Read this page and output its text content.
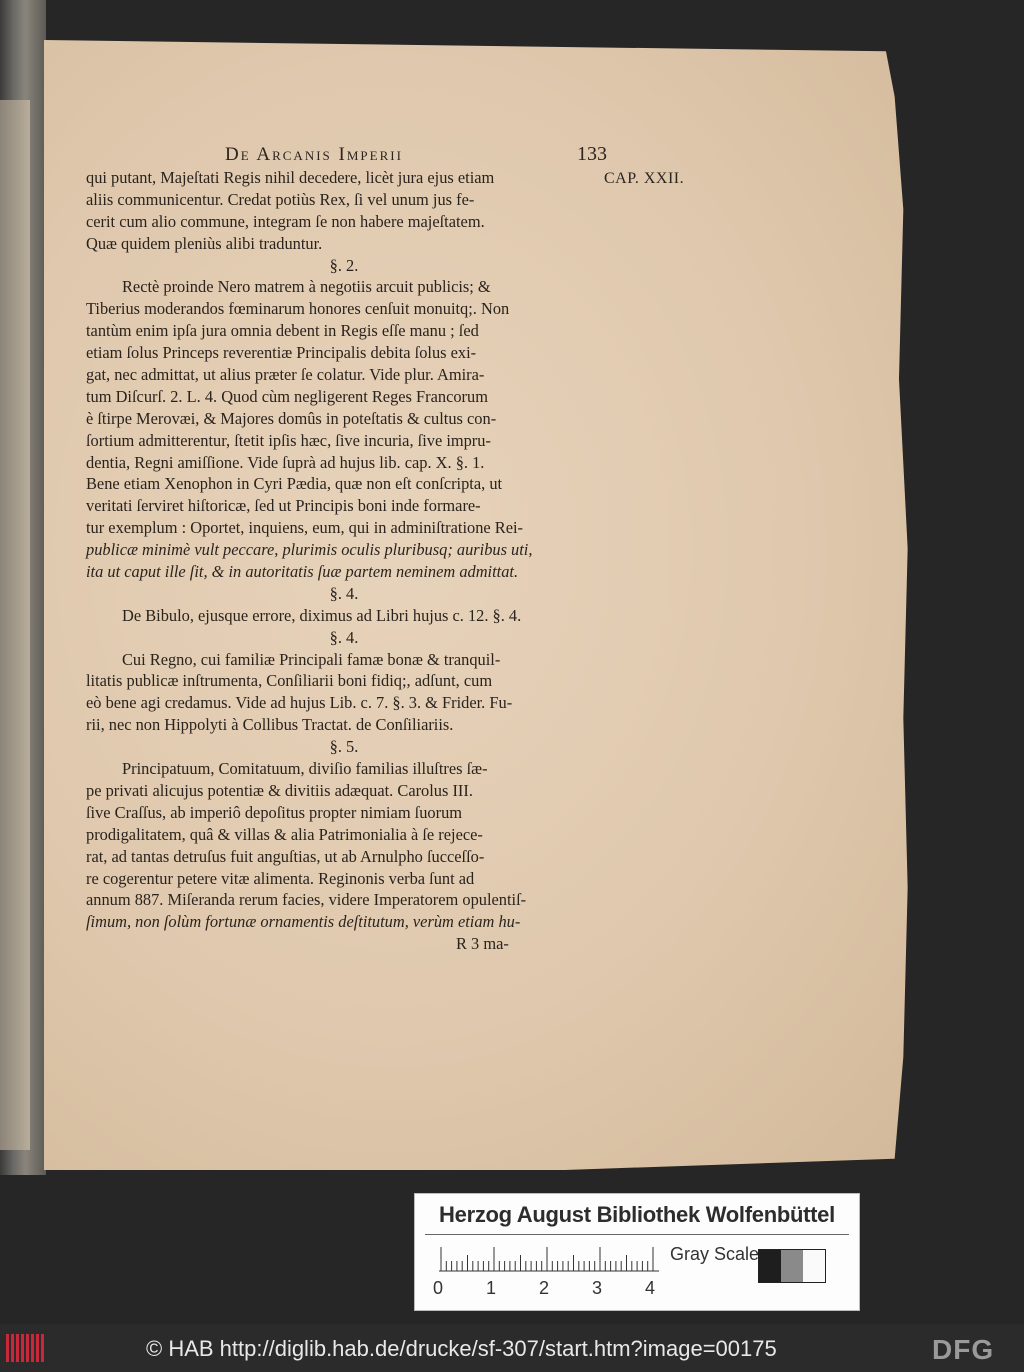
De Arcanis Imperii	133
CAP. XXII.
qui putant, Majeſtati Regis nihil decedere, licèt jura ejus etiam
aliis communicentur. Credat potiùs Rex, ſi vel unum jus fe-
cerit cum alio commune, integram ſe non habere majeſtatem.
Quæ quidem pleniùs alibi traduntur.
§. 2.
Rectè proinde Nero matrem à negotiis arcuit publicis; &
Tiberius moderandos fœminarum honores cenſuit monuitq;. Non
tantùm enim ipſa jura omnia debent in Regis eſſe manu ; ſed
etiam ſolus Princeps reverentiæ Principalis debita ſolus exi-
gat, nec admittat, ut alius præter ſe colatur. Vide plur. Amira-
tum Diſcurſ. 2. L. 4. Quod cùm negligerent Reges Francorum
è ſtirpe Merovæi, & Majores domûs in poteſtatis & cultus con-
ſortium admitterentur, ſtetit ipſis hæc, ſive incuria, ſive impru-
dentia, Regni amiſſione. Vide ſuprà ad hujus lib. cap. X. §. 1.
Bene etiam Xenophon in Cyri Pædia, quæ non eſt conſcripta, ut
veritati ſerviret hiſtoricæ, ſed ut Principis boni inde formare-
tur exemplum : Oportet, inquiens, eum, qui in adminiſtratione Rei-
publicæ minimè vult peccare, plurimis oculis pluribusq; auribus uti,
ita ut caput ille ſit, & in autoritatis ſuæ partem neminem admittat.
§. 4.
De Bibulo, ejusque errore, diximus ad Libri hujus c. 12. §. 4.
§. 4.
Cui Regno, cui familiæ Principali famæ bonæ & tranquil-
litatis publicæ inſtrumenta, Conſiliarii boni fidiq;, adſunt, cum
eò bene agi credamus. Vide ad hujus Lib. c. 7. §. 3. & Frider. Fu-
rii, nec non Hippolyti à Collibus Tractat. de Conſiliariis.
§. 5.
Principatuum, Comitatuum, diviſio familias illuſtres ſæ-
pe privati alicujus potentiæ & divitiis adæquat. Carolus III.
ſive Craſſus, ab imperiô depoſitus propter nimiam ſuorum
prodigalitatem, quâ & villas & alia Patrimonialia à ſe rejece-
rat, ad tantas detruſus fuit anguſtias, ut ab Arnulpho ſucceſſo-
re cogerentur petere vitæ alimenta. Reginonis verba ſunt ad
annum 887. Miſeranda rerum facies, videre Imperatorem opulentiſ-
ſimum, non ſolùm fortunæ ornamentis deſtitutum, verùm etiam hu-
R 3 ma-
Herzog August Bibliothek Wolfenbüttel
Gray Scale
0 1 2 3 4
© HAB http://diglib.hab.de/drucke/sf-307/start.htm?image=00175	DFG
